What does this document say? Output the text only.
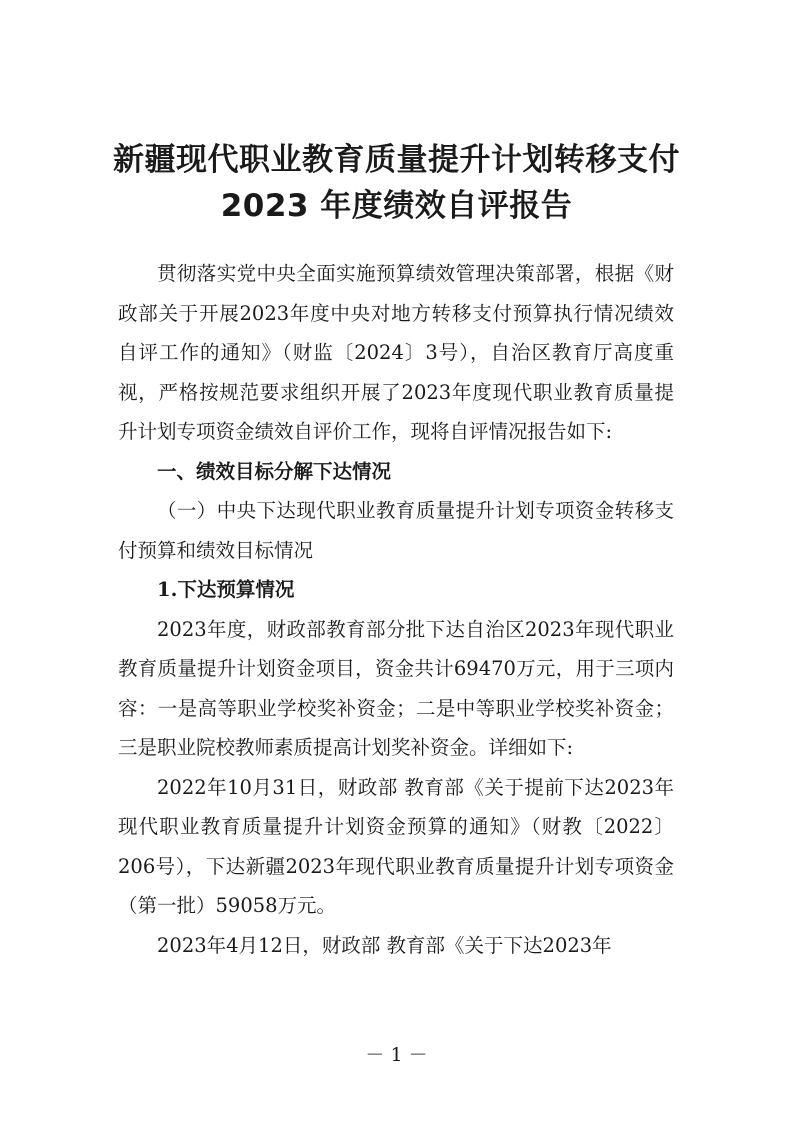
新疆现代职业教育质量提升计划转移支付
2023 年度绩效自评报告

贯彻落实党中央全面实施预算绩效管理决策部署，根据《财政部关于开展2023年度中央对地方转移支付预算执行情况绩效自评工作的通知》（财监〔2024〕3号），自治区教育厅高度重视，严格按规范要求组织开展了2023年度现代职业教育质量提升计划专项资金绩效自评价工作，现将自评情况报告如下:

一、绩效目标分解下达情况

（一）中央下达现代职业教育质量提升计划专项资金转移支付预算和绩效目标情况

1.下达预算情况

2023年度，财政部教育部分批下达自治区2023年现代职业教育质量提升计划资金项目，资金共计69470万元，用于三项内容：一是高等职业学校奖补资金；二是中等职业学校奖补资金；三是职业院校教师素质提高计划奖补资金。详细如下:

2022年10月31日，财政部 教育部《关于提前下达2023年现代职业教育质量提升计划资金预算的通知》（财教〔2022〕206号），下达新疆2023年现代职业教育质量提升计划专项资金（第一批）59058万元。

2023年4月12日，财政部 教育部《关于下达2023年

－ 1 －
